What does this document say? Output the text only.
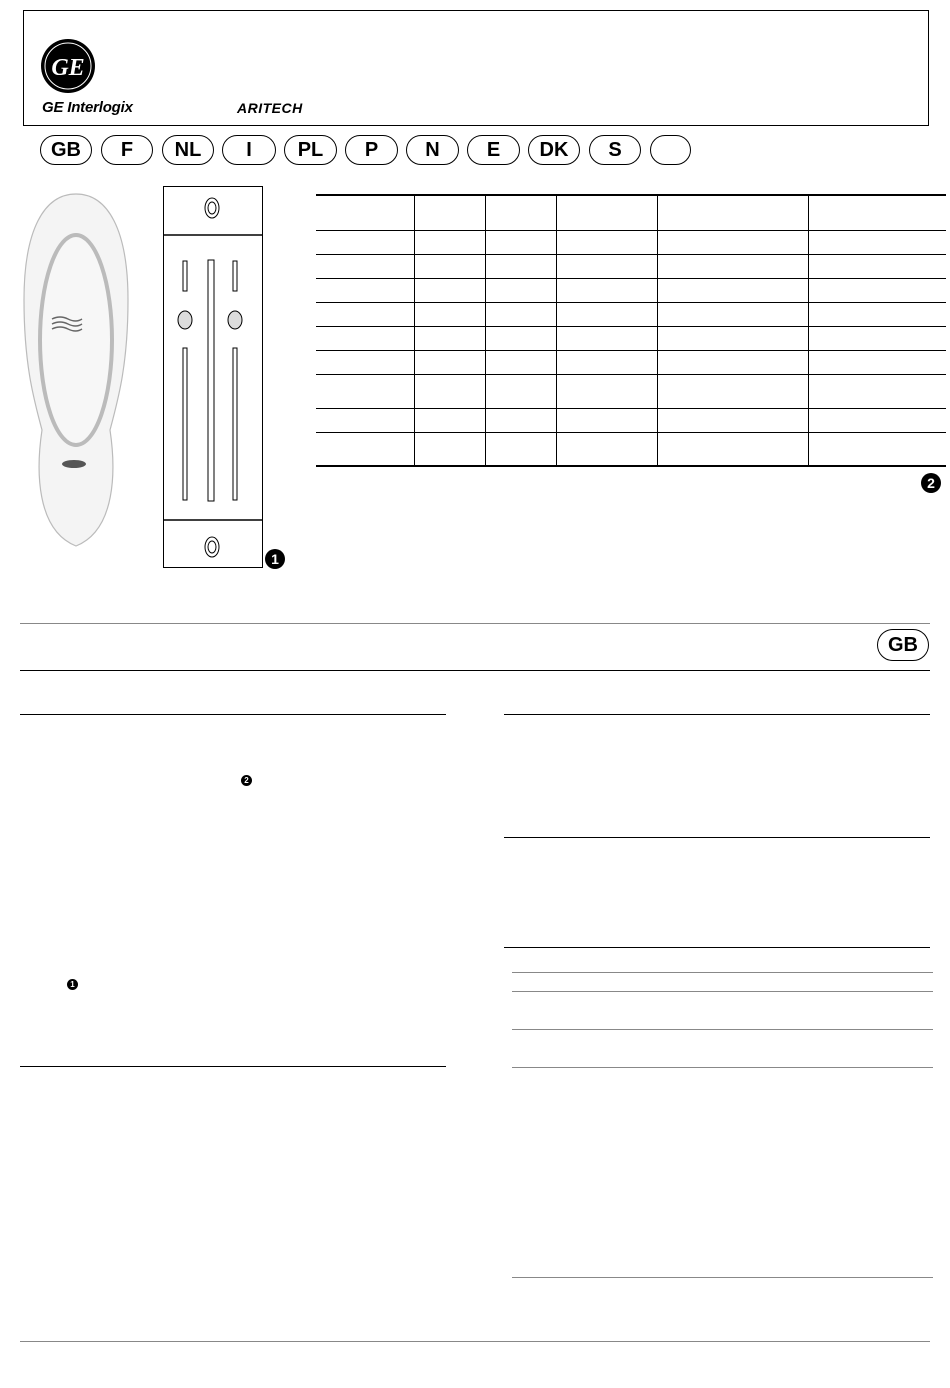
GE
GE Interlogix	ARITECH
GB	F	NL	I	PL	P	N	E	DK	S
1
2
GB
2
1
